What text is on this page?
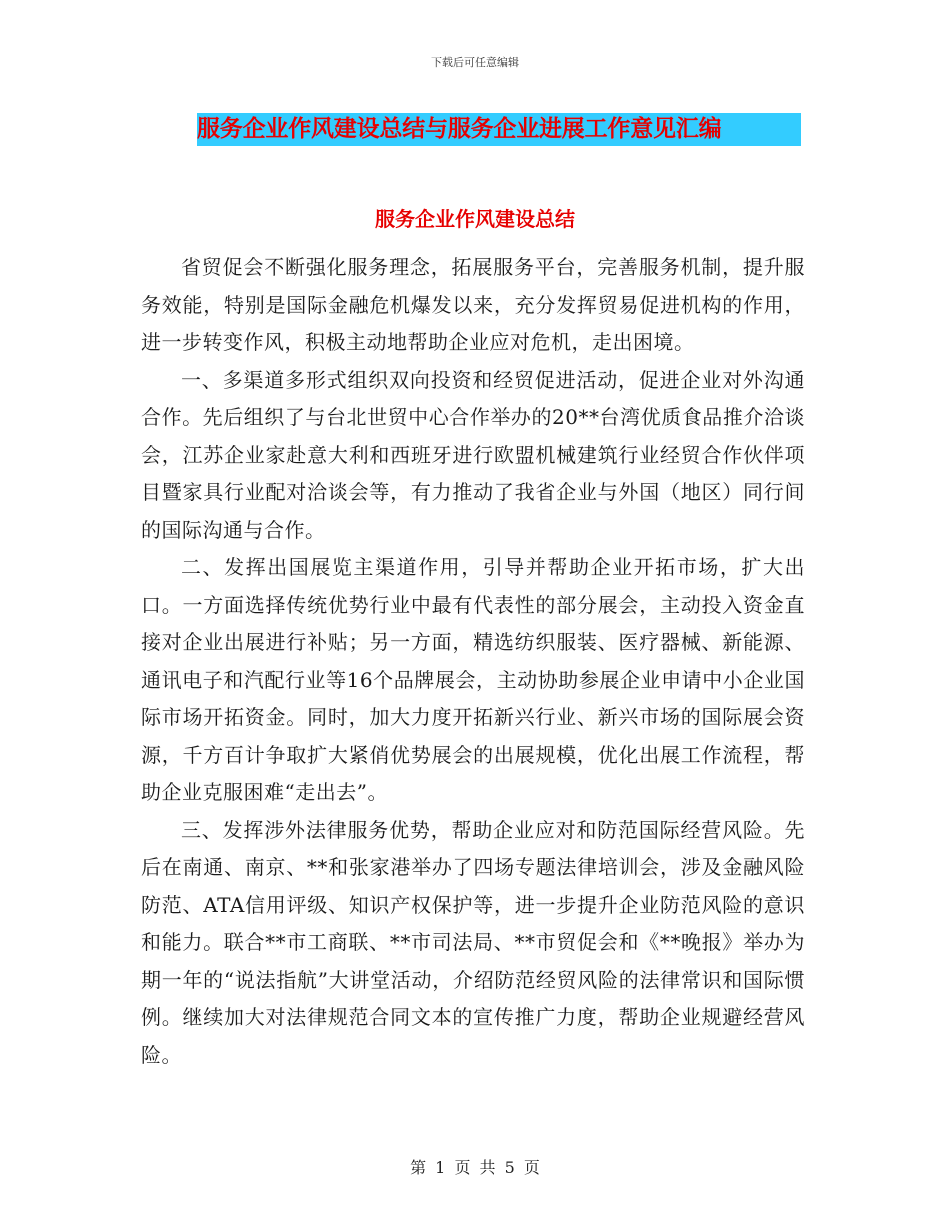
下载后可任意编辑
服务企业作风建设总结与服务企业进展工作意见汇编
服务企业作风建设总结

省贸促会不断强化服务理念，拓展服务平台，完善服务机制，提升服务效能，特别是国际金融危机爆发以来，充分发挥贸易促进机构的作用，进一步转变作风，积极主动地帮助企业应对危机，走出困境。

一、多渠道多形式组织双向投资和经贸促进活动，促进企业对外沟通合作。先后组织了与台北世贸中心合作举办的20**台湾优质食品推介洽谈会，江苏企业家赴意大利和西班牙进行欧盟机械建筑行业经贸合作伙伴项目暨家具行业配对洽谈会等，有力推动了我省企业与外国（地区）同行间的国际沟通与合作。

二、发挥出国展览主渠道作用，引导并帮助企业开拓市场，扩大出口。一方面选择传统优势行业中最有代表性的部分展会，主动投入资金直接对企业出展进行补贴；另一方面，精选纺织服装、医疗器械、新能源、通讯电子和汽配行业等16个品牌展会，主动协助参展企业申请中小企业国际市场开拓资金。同时，加大力度开拓新兴行业、新兴市场的国际展会资源，千方百计争取扩大紧俏优势展会的出展规模，优化出展工作流程，帮助企业克服困难“走出去”。

三、发挥涉外法律服务优势，帮助企业应对和防范国际经营风险。先后在南通、南京、**和张家港举办了四场专题法律培训会，涉及金融风险防范、ATA信用评级、知识产权保护等，进一步提升企业防范风险的意识和能力。联合**市工商联、**市司法局、**市贸促会和《**晚报》举办为期一年的“说法指航”大讲堂活动，介绍防范经贸风险的法律常识和国际惯例。继续加大对法律规范合同文本的宣传推广力度，帮助企业规避经营风险。

第 1 页 共 5 页
